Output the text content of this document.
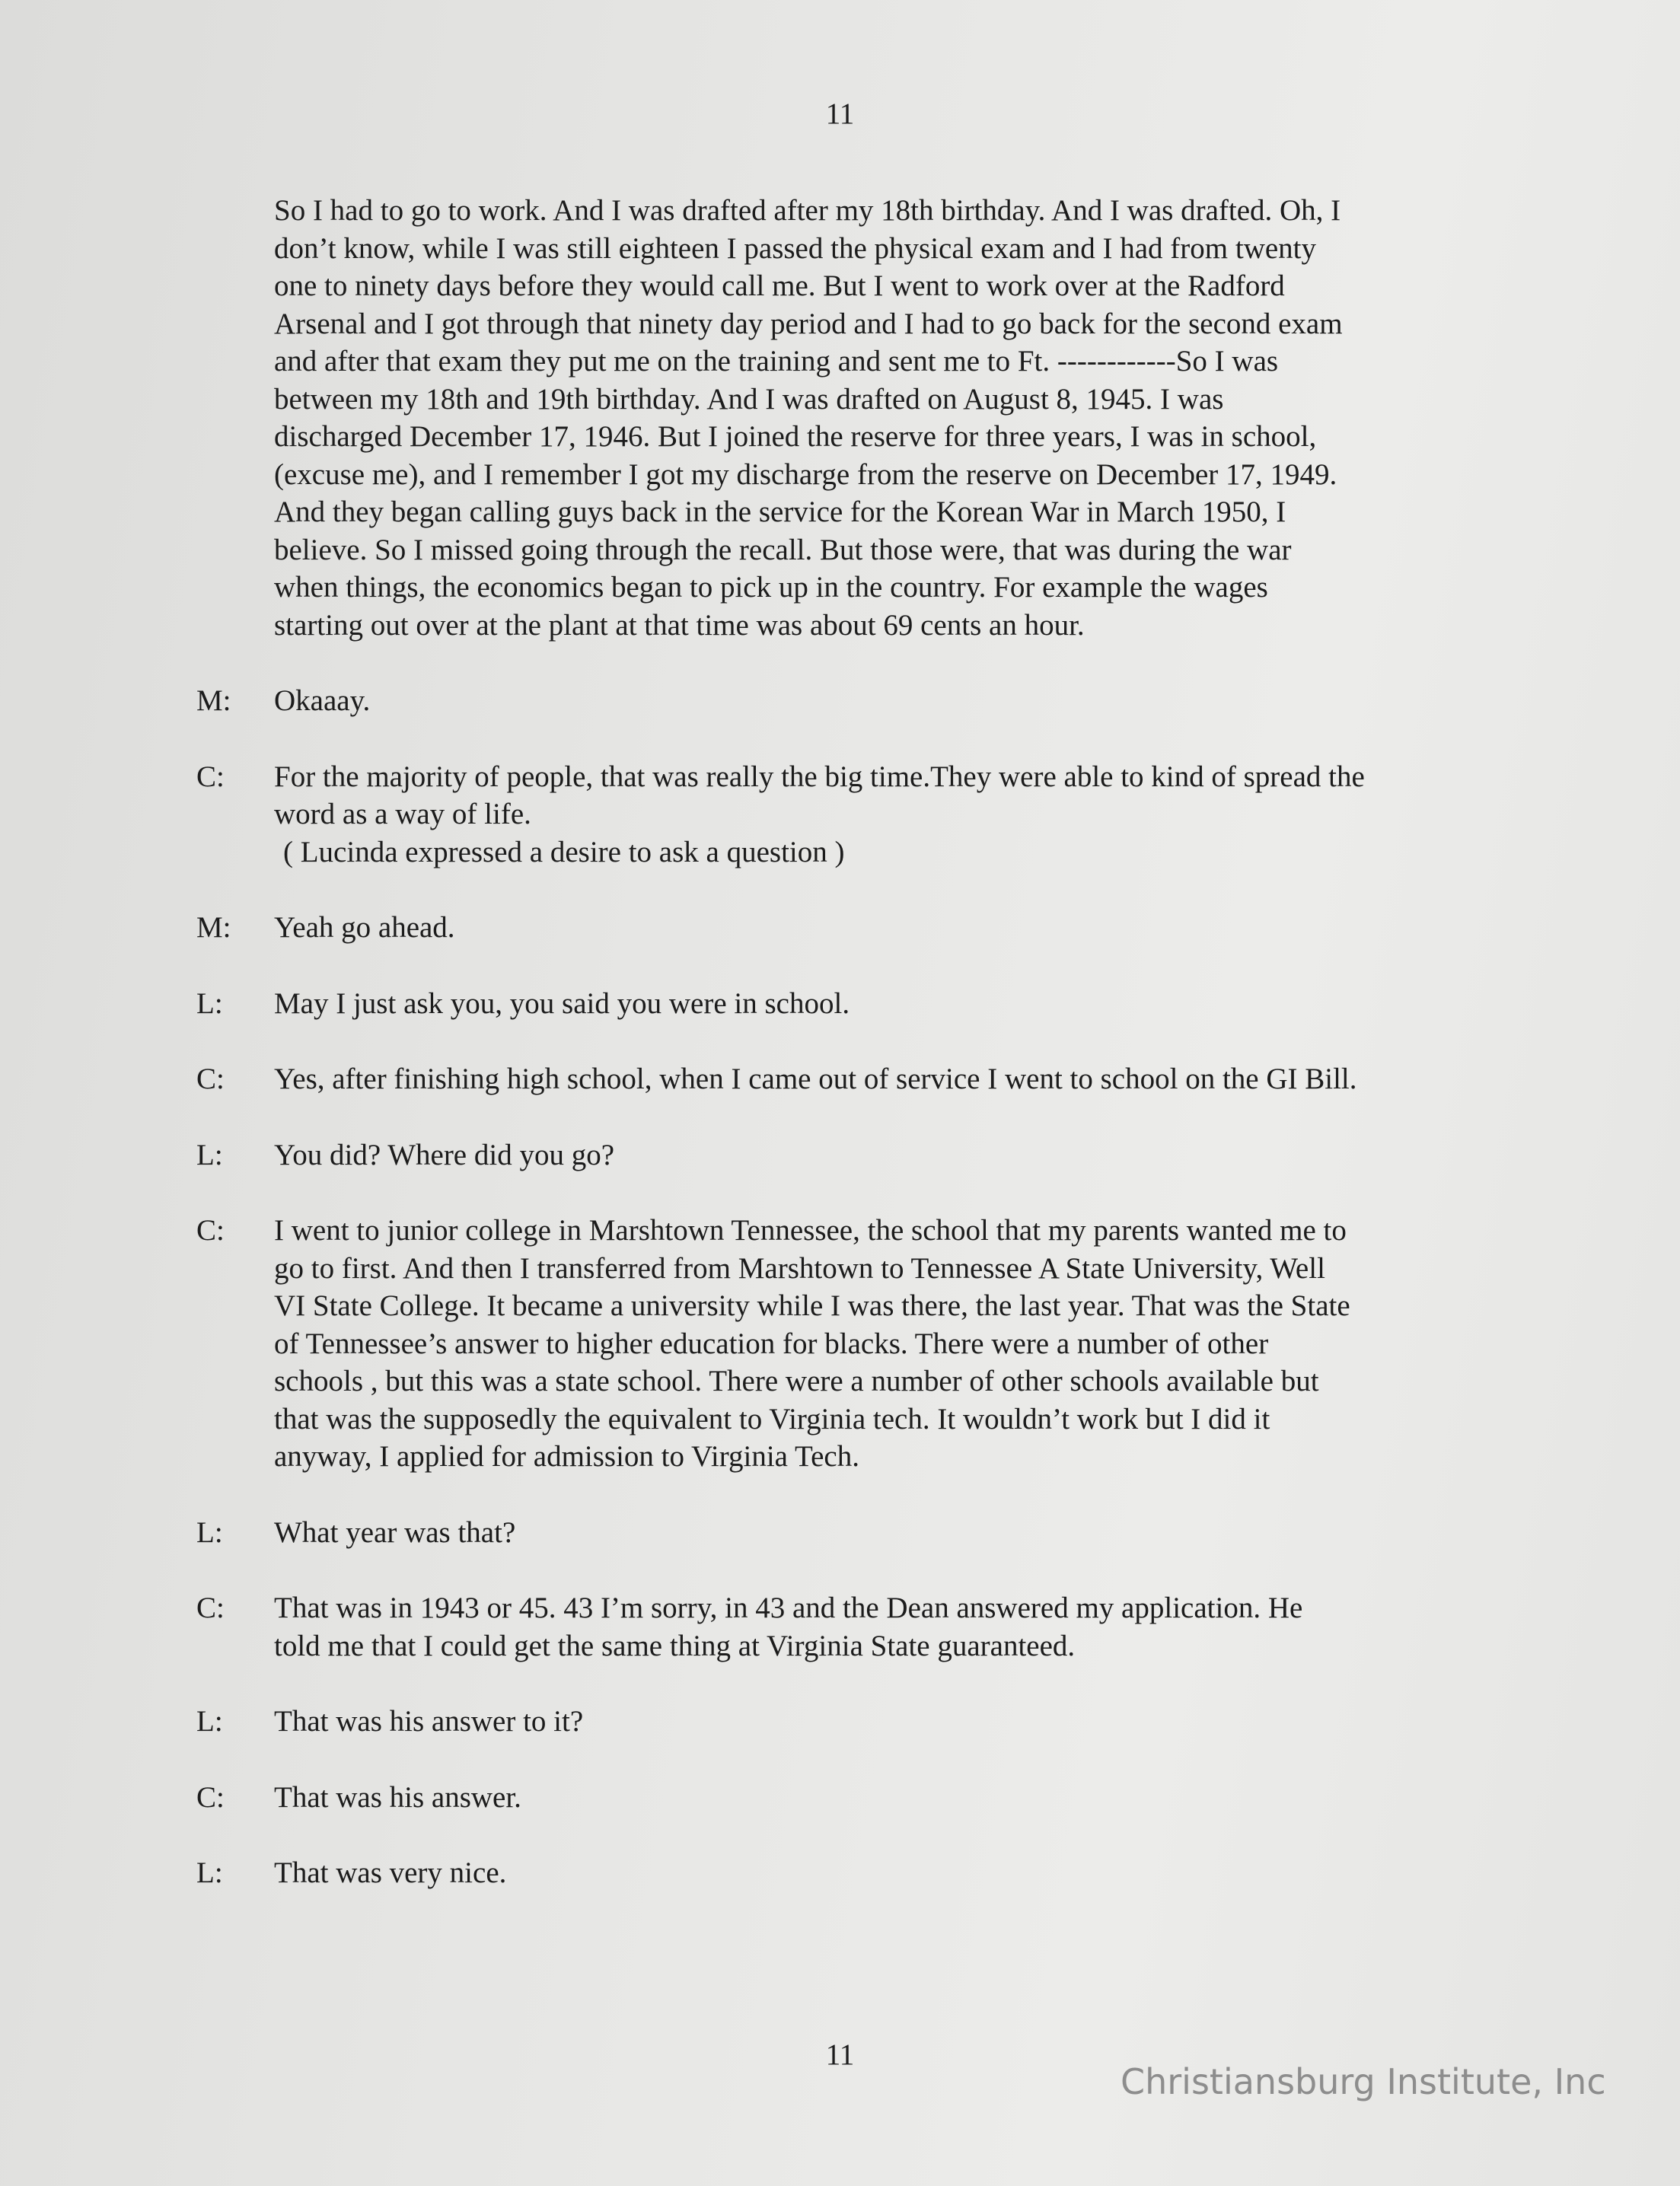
11
So I had to go to work. And I was drafted after my 18th birthday. And I was drafted. Oh, I
don’t know, while I was still eighteen I passed the physical exam and I had from twenty
one to ninety days before they would call me. But I went to work over at the Radford
Arsenal and I got through that ninety day period and I had to go back for the second exam
and after that exam they put me on the training and sent me to Ft. ------------So I was
between my 18th and 19th birthday. And I was drafted on August 8, 1945. I was
discharged December 17, 1946. But I joined the reserve for three years, I was in school,
(excuse me), and I remember I got my discharge from the reserve on December 17, 1949.
And they began calling guys back in the service for the Korean War in March 1950, I
believe. So I missed going through the recall. But those were, that was during the war
when things, the economics began to pick up in the country. For example the wages
starting out over at the plant at that time was about 69 cents an hour.
M:	Okaaay.
C:	For the majority of people, that was really the big time.They were able to kind of spread the
word as a way of life.
( Lucinda expressed a desire to ask a question )
M:	Yeah go ahead.
L:	May I just ask you, you said you were in school.
C:	Yes, after finishing high school, when I came out of service I went to school on the GI Bill.
L:	You did? Where did you go?
C:	I went to junior college in Marshtown Tennessee, the school that my parents wanted me to
go to first. And then I transferred from Marshtown to Tennessee A State University, Well
VI State College. It became a university while I was there, the last year. That was the State
of Tennessee’s answer to higher education for blacks. There were a number of other
schools , but this was a state school. There were a number of other schools available but
that was the supposedly the equivalent to Virginia tech. It wouldn’t work but I did it
anyway, I applied for admission to Virginia Tech.
L:	What year was that?
C:	That was in 1943 or 45. 43 I’m sorry, in 43 and the Dean answered my application. He
told me that I could get the same thing at Virginia State guaranteed.
L:	That was his answer to it?
C:	That was his answer.
L:	That was very nice.
11
Christiansburg Institute, Inc
